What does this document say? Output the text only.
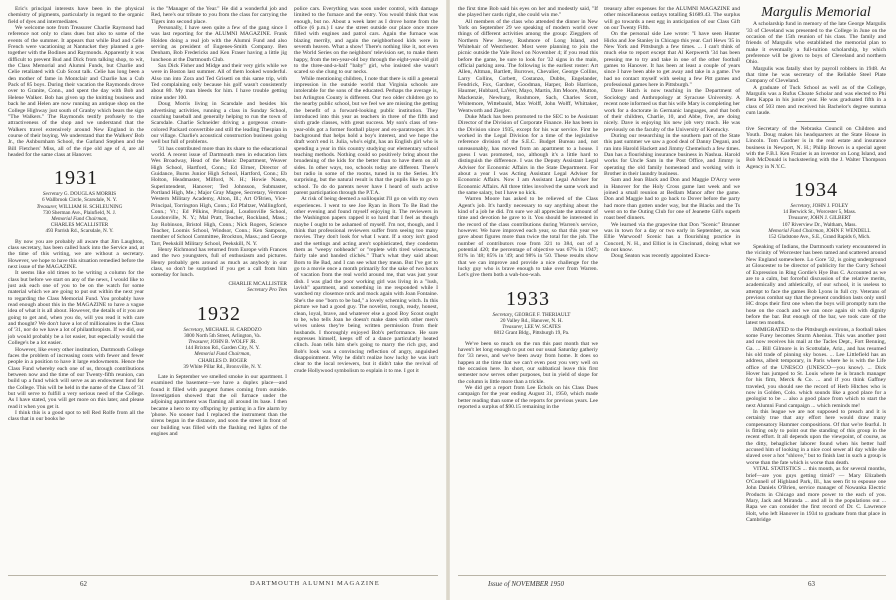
Eric's principal interests have been in the physical chemistry of pigments, particularly in regard to the organic field of dyes and intermediates.

We welcome note from Treasurer Charlie Raymond had reference not only to class dues but also to some of the events of the summer. It appears that while Bud and Celie French were vacationing at Nantucket they planned a get-together with the Bodines and Raymonds. Apparently it was difficult to prevent Bud and Dick from talking shop, to wit, the Class Memorial and Alumni Funds, but Charlie and Celie retaliated with Cub Scout talk. Celie has long been a den mother of fame in Montclair and Charlie has a Cub Pack of 85 boys. During their vacation the Raymonds drove over to Granite, Conn., and spent the day with Bob and Helene Walker. Bob has given up the knitting business and back he and Helen are now running an antique shop on the College Highway just south of Granby which bears the sign "The Walkers." The Raymonds testify profusely to the attractiveness of the shop and we understand that the Walkers travel extensively around New England in the course of their buying. We understand that the Walkers' Bob Jr., the Ashburnham School, the Garland Stephen and the Bill Fletchers' Miss, all of the ripe old age of 4, are all headed for the same class at Hanover.

1931

Secretary G. DOUGLAS MORRIS

6 Wallbrook Circle, Scarsdale, N. Y.

Treasurer, WILLIAM H. SCHLEUNING

730 Sherman Ave., Plainfield, N. J.

Memorial Fund Chairman,

CHARLES MCALLISTER

493 Parrish Rd., Scarsdale, N. Y.

By now you are probably all aware that Jim Laughton, class secretary, has been called back into the Service and, at the time of this writing, we are without a secretary. However, we hope to have this situation remedied before the next issue of the MAGAZINE.

It seems like old times to be writing a column for the class but before we start on any of the news, I would like to just ask each one of you to be on the watch for some material which we are going to put out within the next year to regarding the Class Memorial Fund. You probably have read enough about this in the MAGAZINE to have a vague idea of what it is all about. However, the details of it you are going to get and, when you do, will you read it with care and thought? We don't have a lot of millionaires in the Class of '31, nor do we have a lot of philanthropists. If we did, our job would probably be a lot easier, but especially would the College's be a lot easier.

However, like every other institution, Dartmouth College faces the problem of increasing costs with fewer and fewer people in a position to have it large endowments. Hence the Class Fund whereby each one of us, through contributions between now and the time of our Twenty-fifth reunion, can build up a fund which will serve as an endowment fund for the College. This will be held in the name of the Class of '31 but will serve to fulfill a very serious need of the College. As I have stated, you will get more on this later, and please read it when you get it.

I think this is a good spot to tell Red Rolfe from all the class that in our books he

is the "Manager of the Year." He did a wonderful job and Red, here's our tribute to you from the class for carrying the Tigers into second place.

Personally, I have seen quite a few of the gang since I was last reporting for the ALUMNI MAGAZINE. Frank Holden doing a real job with the Alumni Fund and also serving as president of Eugenes-Smith Company. Ben Denham, Bob Fredericks and Ken Fraser having a little jig luncheon at the Dartmouth Club.

Sax Dick Fisher and Midge and their very girls while we were in Boston last summer. All of them looked wonderful. Also ran into Zora and Ted Grisetti on this same trip, with Ted complaining only because his golf wasn't consistently about 80. My man bleeds for him. I have trouble getting mine under 100.

Doug Morris living in Scarsdale and besides his advertising activities, running a class in Sunday School, coaching baseball and generally helping to run the town of Scarsdale. Charlie Schneider driving a gorgeous cream-colored Packard convertible and still the leading Thespian in our village. Charlie's acoustical construction business going well but full of problems.

'31 has contributed more than its share to the educational world. A recent issue of Dartmouth men in education lists Wes Broadway, Head of the Music Department, Weaver High School, Hartford, Conn.; Ed Elrner, Director of Guidance, Burns Junior High School, Hartford, Conn.; Eb Holton, Headmaster, Milford, N. H.; Howie Nason, Superintendent, Hanover; Ted Johnsson, Submaster, Portland High, Me.; Major Gray Magee, Secretary, Vermont Western Military Academy, Alton, Ill.; Art O'Brien, Vice-Principal, Torrington High, Conn.; Ed Pfaltzer, Wallingford, Conn.; Vt.; Ed Pilkins, Principal, Loudonville School, Loudonville, N. Y.; Mal Pratt, Teacher, Rockland, Mass.; Jay Robinson, Bristol High, Conn.; Nick Rogers, Science Teacher, Loomis School, Windsor, Conn.; Ken Sampson, member of School Committee, Brockton, Mass.; and George Tarr, Peekskill Military School, Peekskill, N. Y.

Henry Richmond has returned from Europe with Frances and the two youngsters, full of enthusiasm and pictures. Henry probably gets around as much as anybody in our class, so don't be surprised if you get a call from him someday for lunch.

CHARLIE MCALLISTER
Secretary Pro Tem
1932

Secretary, MICHAEL H. CARDOZO

3000 North 5th Street, Arlington, Va.

Treasurer, JOHN B. WOLFF JR.

144 Brixton Rd., Garden City, N. Y.

Memorial Fund Chairman,

CHARLES D. BOGER

39 White Pillar Rd., Bronxville, N. Y.

Late in September we smelled smoke in our apartment. I examined the basement—we have a duplex place—and found it filled with pungent fumes coming from outside. Investigation showed that the oil furnace under the adjoining apartment was flaming all around its base. I then became a hero to my offspring by putting in a fire alarm by 'phone. No sooner had I replaced the instrument than the sirens began in the distance, and soon the street in front of our building was filled with the flashing red lights of the engines and

police cars. Everything was soon under control, with damage limited to the furnace and the entry. You would think that was enough, but no. About a week later as I drove home from the office (6 p.m.) I saw the street outside our place once more filled with engines and patrol cars. Again the furnace was blazing merrily, and again the neighborhood kids were in seventh heaven. What a show! There's nothing like it, not even the World Series on the neighbors' television set, to make them happy, from the ten-year-old boy through the eight-year-old girl to the three-and-a-half "baby" girl, who insisted she wasn't scared so she clung to our necks.

While mentioning children, I note that there is still a general impression in the outside world that Virginia schools are intolerable for the sons of the educated. Perhaps the average is, but Arlington County is different. Our two older children go to the nearby public school, but we feel we are missing the getting the benefit of a forward-looking public institution. They introduced into this year as teachers in three of the fifth and sixth grade classes, with great success. My son's class of ten-year-olds got a former football player and ex-paratrooper. It's a background that helps hold a boy's interest, and we hope the draft won't end it. Julia, who's eight, has an English girl who is spending a year in this country studying our elementary school teaching methods. Nothing could so positively bring about the broadening of the kids for the better than to have them on all sides. In other ways, too, schools today are different. There's but radio in some of the rooms, tuned in to the Series. It's surprising, but the natural result is that the pupils like to go to school. To do do parents never have I heard of such active parent participation through the P.T.A.

At risk of being deemed a soliloquist I'll go on with my own experiences. I went to see Joe Ryan in Born To Be Bad the other evening and found myself enjoying it. The reviewers in the Washington papers rapped it so hard that I feel as though maybe I ought to be ashamed of myself. I'm not, though, and I think that professional reviewers suffer from seeing too many movies. They don't look for what I want. If a story isn't good and the settings and acting aren't sophisticated, they condemn them as "weepy nobheads" or "replete with tired wisecracks, fairly tale and banded clichés." That's what they said about Born to Be Bad, and I can see what they mean. But I've got to go to a movie once a month primarily for the sake of two hours of vacation from the real world around me, that was just your dish. I was glad the poor working girl was living in a "lush, lavish" apartment, and something in me responded while I watched my closemce nrck and mock again with Joan Fontaine. She's the one "born to be bad," a lovely scheming witch. In this picture we had a good guy. The novelist, rough, ready, honest, clean, loyal, brave, and whatever else a good Boy Scout ought to be, who tells Joan he doesn't make dates with other men's wives unless they're being written permission from their husbands. I thoroughly enjoyed Bob's performance. He sure expresses himself, keeps off of a dance particularly heated clinch. Joan tells him she's going to marry the rich guy, and Bob's look was a convincing reflection of angry, anguished disappointment. Why he didn't realize how lucky he was isn't clear to the local reviewers, but it didn't take the revival of crude Hollywood symbolism to explain it to me. I got it

62	DARTMOUTH ALUMNI MAGAZINE

the first time Bob said his eyes on her and modestly said, "If she played her cards right, she could win me."

All members of the class who attended the dinner in New York on September 29 we speaking of modern world over things of different activities among the group: Ziegglers of Northern New Jersey, Rushmore of Long Island, and Whitehair of Westchester. Most were planning to join the picnic outside the Yale Bowl on November 4; if you read this before the game, be sure to look for '32 signs in the main, official parking area. The following is the earliest roster: Art Allen, Altman, Bartlett, Burrows, Chevalier, George Collins, Larry Collins, Corbett, Costanzo, Dubbs, Engelander, Fendrick, Fox, Gardner, Goodman, Harper, Bob Harrison, Haumer, Hubbard, LaVerr, Mayo, Martin, Jim Moore, Mutton, Mackenzie, Newburg, Rushmore, Sach, Charles Scott, Whitemore, Wittebauld, Max Wolff, John Wolff, Whittaker, Wentworth and Ziegler.

Duke Mack has been promoted to the SEC to be Assistant Director of the Division of Corporate Finance. He has been in the Division since 1935, except for his war service. First he worked in the Legal Division for a time of the legislative reference division of the S.E.C. Budget Bureau and, not unreasonably, has moved from an apartment to a house. I guess I was promoted, too, although it's a little hard to distinguish the difference. I was the Deputy Assistant Legal Adviser for Economic Affairs in the State Department. For about a year I was Acting Assistant Legal Adviser for Economic Affairs. Now I am Assistant Legal Adviser for Economic Affairs. All three titles involved the same work and the same salary, but I have no kick.

Warren Moore has asked to be relieved of the Class Agent's job. It's hardly necessary to say anything about the kind of a job he did. I'm sure we all appreciate the amount of time and devotion he gave to it. You should be interested in the record of the class contributions during Warren's service, however. We have improved each year, so that this year we gave about figures more than twice the total for the job. The number of contributors rose from 321 to 384, out of a potential 420; the percentage of objective was 67% in 1947; 81% in '48; 85% in '49; and 98% in '50. These results show that we can improve and provide a nice challenge for the lucky guy who is brave enough to take over from Warren. Let's give them both a wah-hoo-wah.

1933

Secretary, GEORGE F. THERIAULT

20 Valley Rd., Hanover, N. H.

Treasurer, LEE W. SCATES

6812 Grant Bldg., Pittsburgh 19, Pa.

We've been so much on the run this past month that we haven't let long enough to put out our usual Saturday gatheriy for '33 news, and we've been away from home. It does so happen at the time that we can't even post you very well on the occasion here. In short, our subbatical leave this first semester now serves other purposes, but in yield of slope for the column is little more than a trickle.

We did get a report from Lee Echols on his Class Dues campaign for the year ending August 31, 1950, which made better reading than some of the reports for previous years. Lee reported a surplus of $90.15 remaining in the

treasury after expenses for the ALUMNI MAGAZINE and other miscellaneous outlays totalling $1689.43. The surplus will go towards a nest egg in anticipation of our Class Gift on our Twenty Fifth.

On the personal side Lee wrote: "I have seen Hunter Hicks and Joe Stanley in Chicago this year. Carl Hews '35 in New York and Pittsburgh a few times. ... I can't think of much else to report except that Al Kerpwerth '34 has been pressing me to try and take in one of the other football games to Hanover. It has been at least a couple of years since I have been able to get away and take in a game. I've had no contact myself with seeing a few Pitt games and professional games here in Pittsburgh."

Dave Hatch is now teaching in the Department of Sociology and Anthropology at Syracuse University. A recent note informed us that his wife Mary is completing her work for a doctorate in Germanic languages, and that both of their children, Charlie, 10, and Abbe, five, are doing nicely. Dave is enjoying his new job very much. He was previously on the faculty of the University of Kentucky.

During our researching in the southern part of the State this past summer we saw a good deal of Danny Degani, and ran into Harold Hackett and Jimmy Chemeluch a few times. Dan has a flourishing insurance business in Nashua. Harold works for Uncle Sam in the Post Office, and Jimmy is operating the old family homestead and working with it Brother in their laundry business.

Sam and Jean Black and Don and Maggie D'Arcy were in Hanover for the Holy Cross game last week and we joined a small reunion at Bedlam Manor after the game. Don and Maggie had to go back to Dover before the party had more than gotten under way, but the Blacks and the Ts went on to the Outing Club for one of Jeanette Gill's superb roast beef dinners.

We learned via the grapevine that Don "Scenic" Brunner was in town for a day or two early in September, as was Ellie Warwood! Scenic has a flourishing practice in Concord, N. H., and Elliot is in Cincinnati, doing what we do not know.

Doug Seaton was recently appointed Execu-

Margulis Memorial

A scholarship fund in memory of the late George Margulis '33 of Cleveland was presented to the College in June on the occasion of the 15th reunion of his class. The family and friends of Margulis who established the memorial plan to make it eventually a full-tuition scholarship, by which preference will be given to boys of Cleveland and northern Ohio.

Margulis was fatally shot by payroll robbers in 1948. At that time he was secretary of the Reliable Steel Plate Company of Cleveland.

A graduate of Tuck School as well as of the College, Margulis was a Rufus Choate Scholar and was elected to Phi Beta Kappa in his junior year. He was graduated fifth in a class of 503 men and received his Bachelor's degree summa cum laude.

tive Secretary of the Nebraska Council on Children and Youth. Doug makes his headquarters at the State House in Lincoln. Tom Gardner is in the real estate and insurance business in Newport, N. H.; Philip Brown is a special agent with the F.B.I. Ken Frazier is an investor on Long Island, and Bob McDonald is hucksteering with the J. Walter Thompson Agency in N.Y.C.

1934

Secretary, JOHN J. FOLEY

14 Berwick St., Worcester 5, Mass.

Treasurer, JOHN J. GILBERT

107 Riverview Dr., Waltham, Mass.

Memorial Fund Chairman, JOHN F. WENDELL

152 Gladstone Ave., S.E., Grand Rapids 6, Mich.

Speaking of Indians, the Dartmouth variety encountered in the vicinity of Worcester has been tamed and scattered around New England somewhere. Lo Gore '32, is going underground at Gloucester to be director of publicity for the Curry School of Expression in Ring Gordie's Hye Bus C. Accounted as we are to a calm, but forceful discussion of the relative merits, academically and athletically, of our school, it is useless to attempt to face the games Bob Lyons in full cry. Veterans of previous combat say that the present condition lasts only until HC drops their first one when the boys will promptly turn the hose on the coach and we can once again sit with dignity before the bar. But enough of the bar, we took care of the latest ten months.

IMMIGRATED to the Pittsburgh environs, a football takes some Furey becomes Sturm Ahenius. This was another post and now receives his mail at the Tacles Dept., Fort Benning, Ga. ... Bill Gilmore is in Scottsdale, Ariz., and has resumed his old trade of pinning sky boxes. ... Lee Littlefield has an address, albeit temporary, in Paris where he is with the Life office of the UNESCO (UNESCO—you know). ... Dick Hover has jumped to St. Louis where he is branch manager for his firm, Merck & Co. ... and if you think Gaffney traveled, you should see the record of Herb Hitches who is now in Golden, Colo. which sounds like a good place for a geologist to be ... also a good place from which to start the next Alumni Fund campaign ... which reminds me!

In this league we are not supposed to preach and it is certainly true that any effort here would draw many compensatory Hammer compositions. Of that we're fearful. It is fitting only to point out the standing of this group in the recent effort. It all depends upon the viewpoint, of course, as the ditty, behaglicher laborer found when his better half accused him of looking in a nice cool sewer all day while she slaved over a hot "shlove," but to finish last in such a group is worse than the fate which is worse than death.

VITAL STATISTICS ... this month, as for several months, brief—are you guys getting timid? — Mary Elizabeth O'Connell of Highland Park, Ill., has seen fit to espouse one John Daniels O'Brien, service manager of Nowanka Electric Products in Chicago and more power to the each of you. Mary, Jack and Miranda ... and all in the populations out ... Rapa we can consider the first record of Dr. C. Lawrence Holt, who left Hanover in 1934 to graduate from that place in Cambridge

Issue of NOVEMBER 1950	63
